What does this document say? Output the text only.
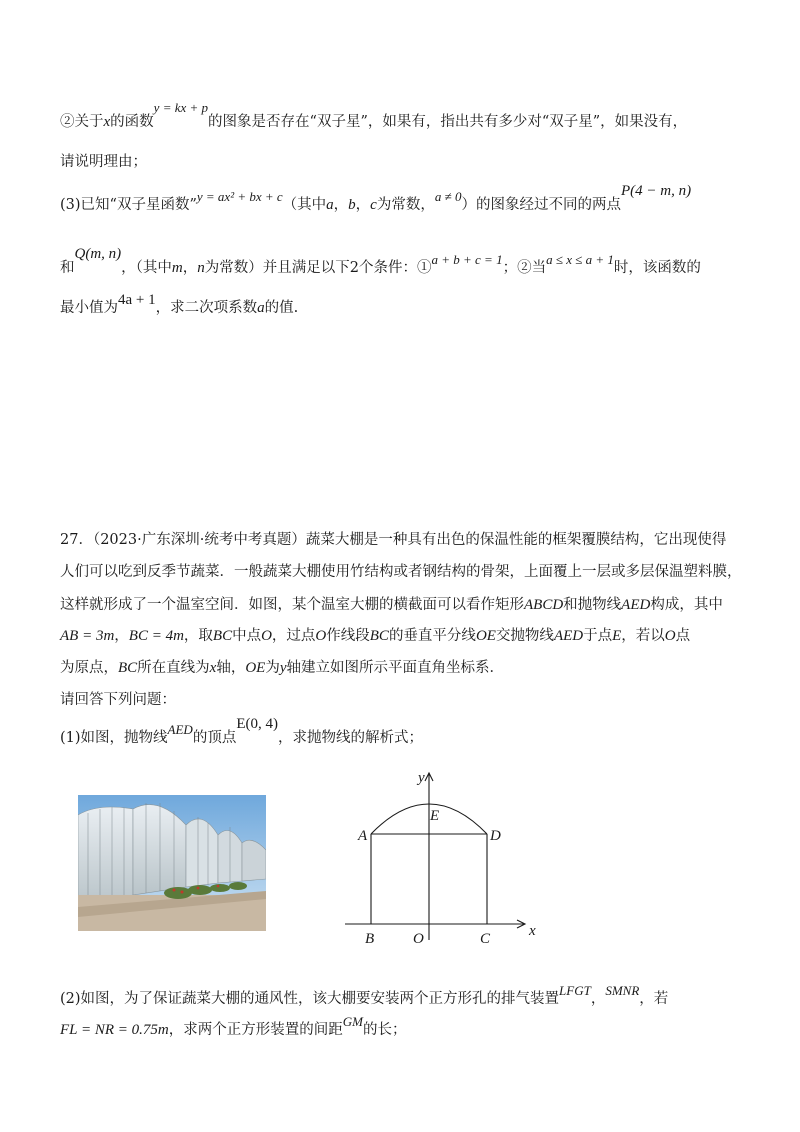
②关于x的函数y = kx + p的图象是否存在“双子星”，如果有，指出共有多少对“双子星”，如果没有，
请说明理由；
(3)已知“双子星函数”y = ax² + bx + c（其中a，b，c为常数，a ≠ 0）的图象经过不同的两点P(4 − m, n)
和Q(m, n)，（其中m，n为常数）并且满足以下2个条件：①a + b + c = 1；②当a ≤ x ≤ a + 1时，该函数的
最小值为4a + 1，求二次项系数a的值.
27．（2023·广东深圳·统考中考真题）蔬菜大棚是一种具有出色的保温性能的框架覆膜结构，它出现使得
人们可以吃到反季节蔬菜．一般蔬菜大棚使用竹结构或者钢结构的骨架，上面覆上一层或多层保温塑料膜，
这样就形成了一个温室空间．如图，某个温室大棚的横截面可以看作矩形ABCD和抛物线AED构成，其中
AB = 3m，BC = 4m，取BC中点O，过点O作线段BC的垂直平分线OE交抛物线AED于点E，若以O点
为原点，BC所在直线为x轴，OE为y轴建立如图所示平面直角坐标系．
请回答下列问题：
(1)如图，抛物线AED的顶点E(0, 4)，求抛物线的解析式；
A	D
E
B	O	C	x
y
(2)如图，为了保证蔬菜大棚的通风性，该大棚要安装两个正方形孔的排气装置LFGT，SMNR，若
FL = NR = 0.75m，求两个正方形装置的间距GM的长；
